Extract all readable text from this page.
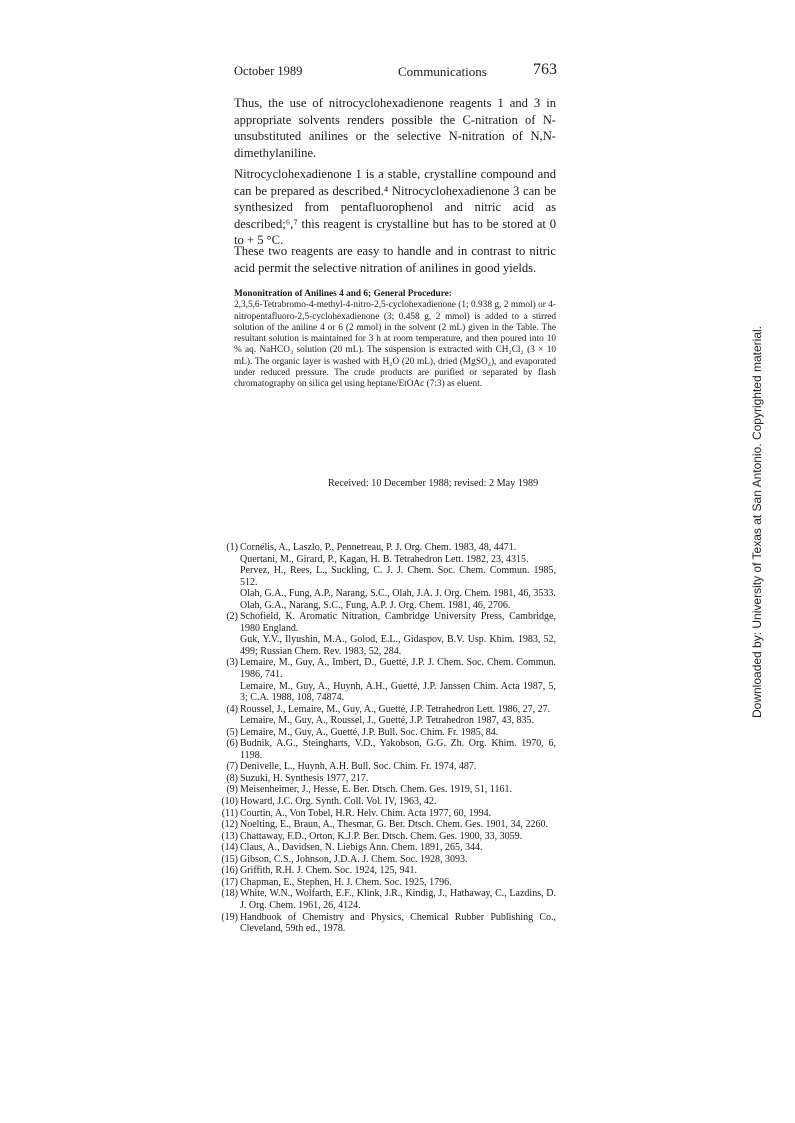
October 1989	Communications	763

Thus, the use of nitrocyclohexadienone reagents 1 and 3 in appropriate solvents renders possible the C-nitration of N-unsubstituted anilines or the selective N-nitration of N,N-dimethylaniline.

Nitrocyclohexadienone 1 is a stable, crystalline compound and can be prepared as described.⁴ Nitrocyclohexadienone 3 can be synthesized from pentafluorophenol and nitric acid as described;⁶,⁷ this reagent is crystalline but has to be stored at 0 to + 5 °C.

These two reagents are easy to handle and in contrast to nitric acid permit the selective nitration of anilines in good yields.

Mononitration of Anilines 4 and 6; General Procedure:

2,3,5,6-Tetrabromo-4-methyl-4-nitro-2,5-cyclohexadienone (1; 0.938 g, 2 mmol) or 4-nitropentafluoro-2,5-cyclohexadienone (3; 0.458 g, 2 mmol) is added to a stirred solution of the aniline 4 or 6 (2 mmol) in the solvent (2 mL) given in the Table. The resultant solution is maintained for 3 h at room temperature, and then poured into 10 % aq. NaHCO₃ solution (20 mL). The suspension is extracted with CH₂Cl₂ (3 × 10 mL). The organic layer is washed with H₂O (20 mL), dried (MgSO₄), and evaporated under reduced pressure. The crude products are purified or separated by flash chromatography on silica gel using heptane/EtOAc (7:3) as eluent.

Received: 10 December 1988; revised: 2 May 1989
(1) Cornélis, A., Laszlo, P., Pennetreau, P. J. Org. Chem. 1983, 48, 4471.
Quertani, M., Girard, P., Kagan, H. B. Tetrahedron Lett. 1982, 23, 4315.
Pervez, H., Rees, L., Suckling, C. J. J. Chem. Soc. Chem. Commun. 1985, 512.
Olah, G.A., Fung, A.P., Narang, S.C., Olah, J.A. J. Org. Chem. 1981, 46, 3533.
Olah, G.A., Narang, S.C., Fung, A.P. J. Org. Chem. 1981, 46, 2706.
(2) Schofield, K. Aromatic Nitration, Cambridge University Press, Cambridge, 1980 England.
Guk, Y.V., Ilyushin, M.A., Golod, E.L., Gidaspov, B.V. Usp. Khim. 1983, 52, 499; Russian Chem. Rev. 1983, 52, 284.
(3) Lemaire, M., Guy, A., Imbert, D., Guetté, J.P. J. Chem. Soc. Chem. Commun. 1986, 741.
Lemaire, M., Guy, A., Huynh, A.H., Guetté, J.P. Janssen Chim. Acta 1987, 5, 3; C.A. 1988, 108, 74874.
(4) Roussel, J., Lemaire, M., Guy, A., Guetté, J.P. Tetrahedron Lett. 1986, 27, 27.
Lemaire, M., Guy, A., Roussel, J., Guetté, J.P. Tetrahedron 1987, 43, 835.
(5) Lemaire, M., Guy, A., Guetté, J.P. Bull. Soc. Chim. Fr. 1985, 84.
(6) Budnik, A.G., Steingharts, V.D., Yakobson, G.G. Zh. Org. Khim. 1970, 6, 1198.
(7) Denivelle, L., Huynh, A.H. Bull. Soc. Chim. Fr. 1974, 487.
(8) Suzuki, H. Synthesis 1977, 217.
(9) Meisenheimer, J., Hesse, E. Ber. Dtsch. Chem. Ges. 1919, 51, 1161.
(10) Howard, J.C. Org. Synth. Coll. Vol. IV, 1963, 42.
(11) Courtin, A., Von Tobel, H.R. Helv. Chim. Acta 1977, 60, 1994.
(12) Noelting, E., Braun, A., Thesmar, G. Ber. Dtsch. Chem. Ges. 1901, 34, 2260.
(13) Chattaway, F.D., Orton, K.J.P. Ber. Dtsch. Chem. Ges. 1900, 33, 3059.
(14) Claus, A., Davidsen, N. Liebigs Ann. Chem. 1891, 265, 344.
(15) Gibson, C.S., Johnson, J.D.A. J. Chem. Soc. 1928, 3093.
(16) Griffith, R.H. J. Chem. Soc. 1924, 125, 941.
(17) Chapman, E., Stephen, H. J. Chem. Soc. 1925, 1796.
(18) White, W.N., Wolfarth, E.F., Klink, J.R., Kindig, J., Hathaway, C., Lazdins, D. J. Org. Chem. 1961, 26, 4124.
(19) Handbook of Chemistry and Physics, Chemical Rubber Publishing Co., Cleveland, 59th ed., 1978.
Downloaded by: University of Texas at San Antonio. Copyrighted material.
